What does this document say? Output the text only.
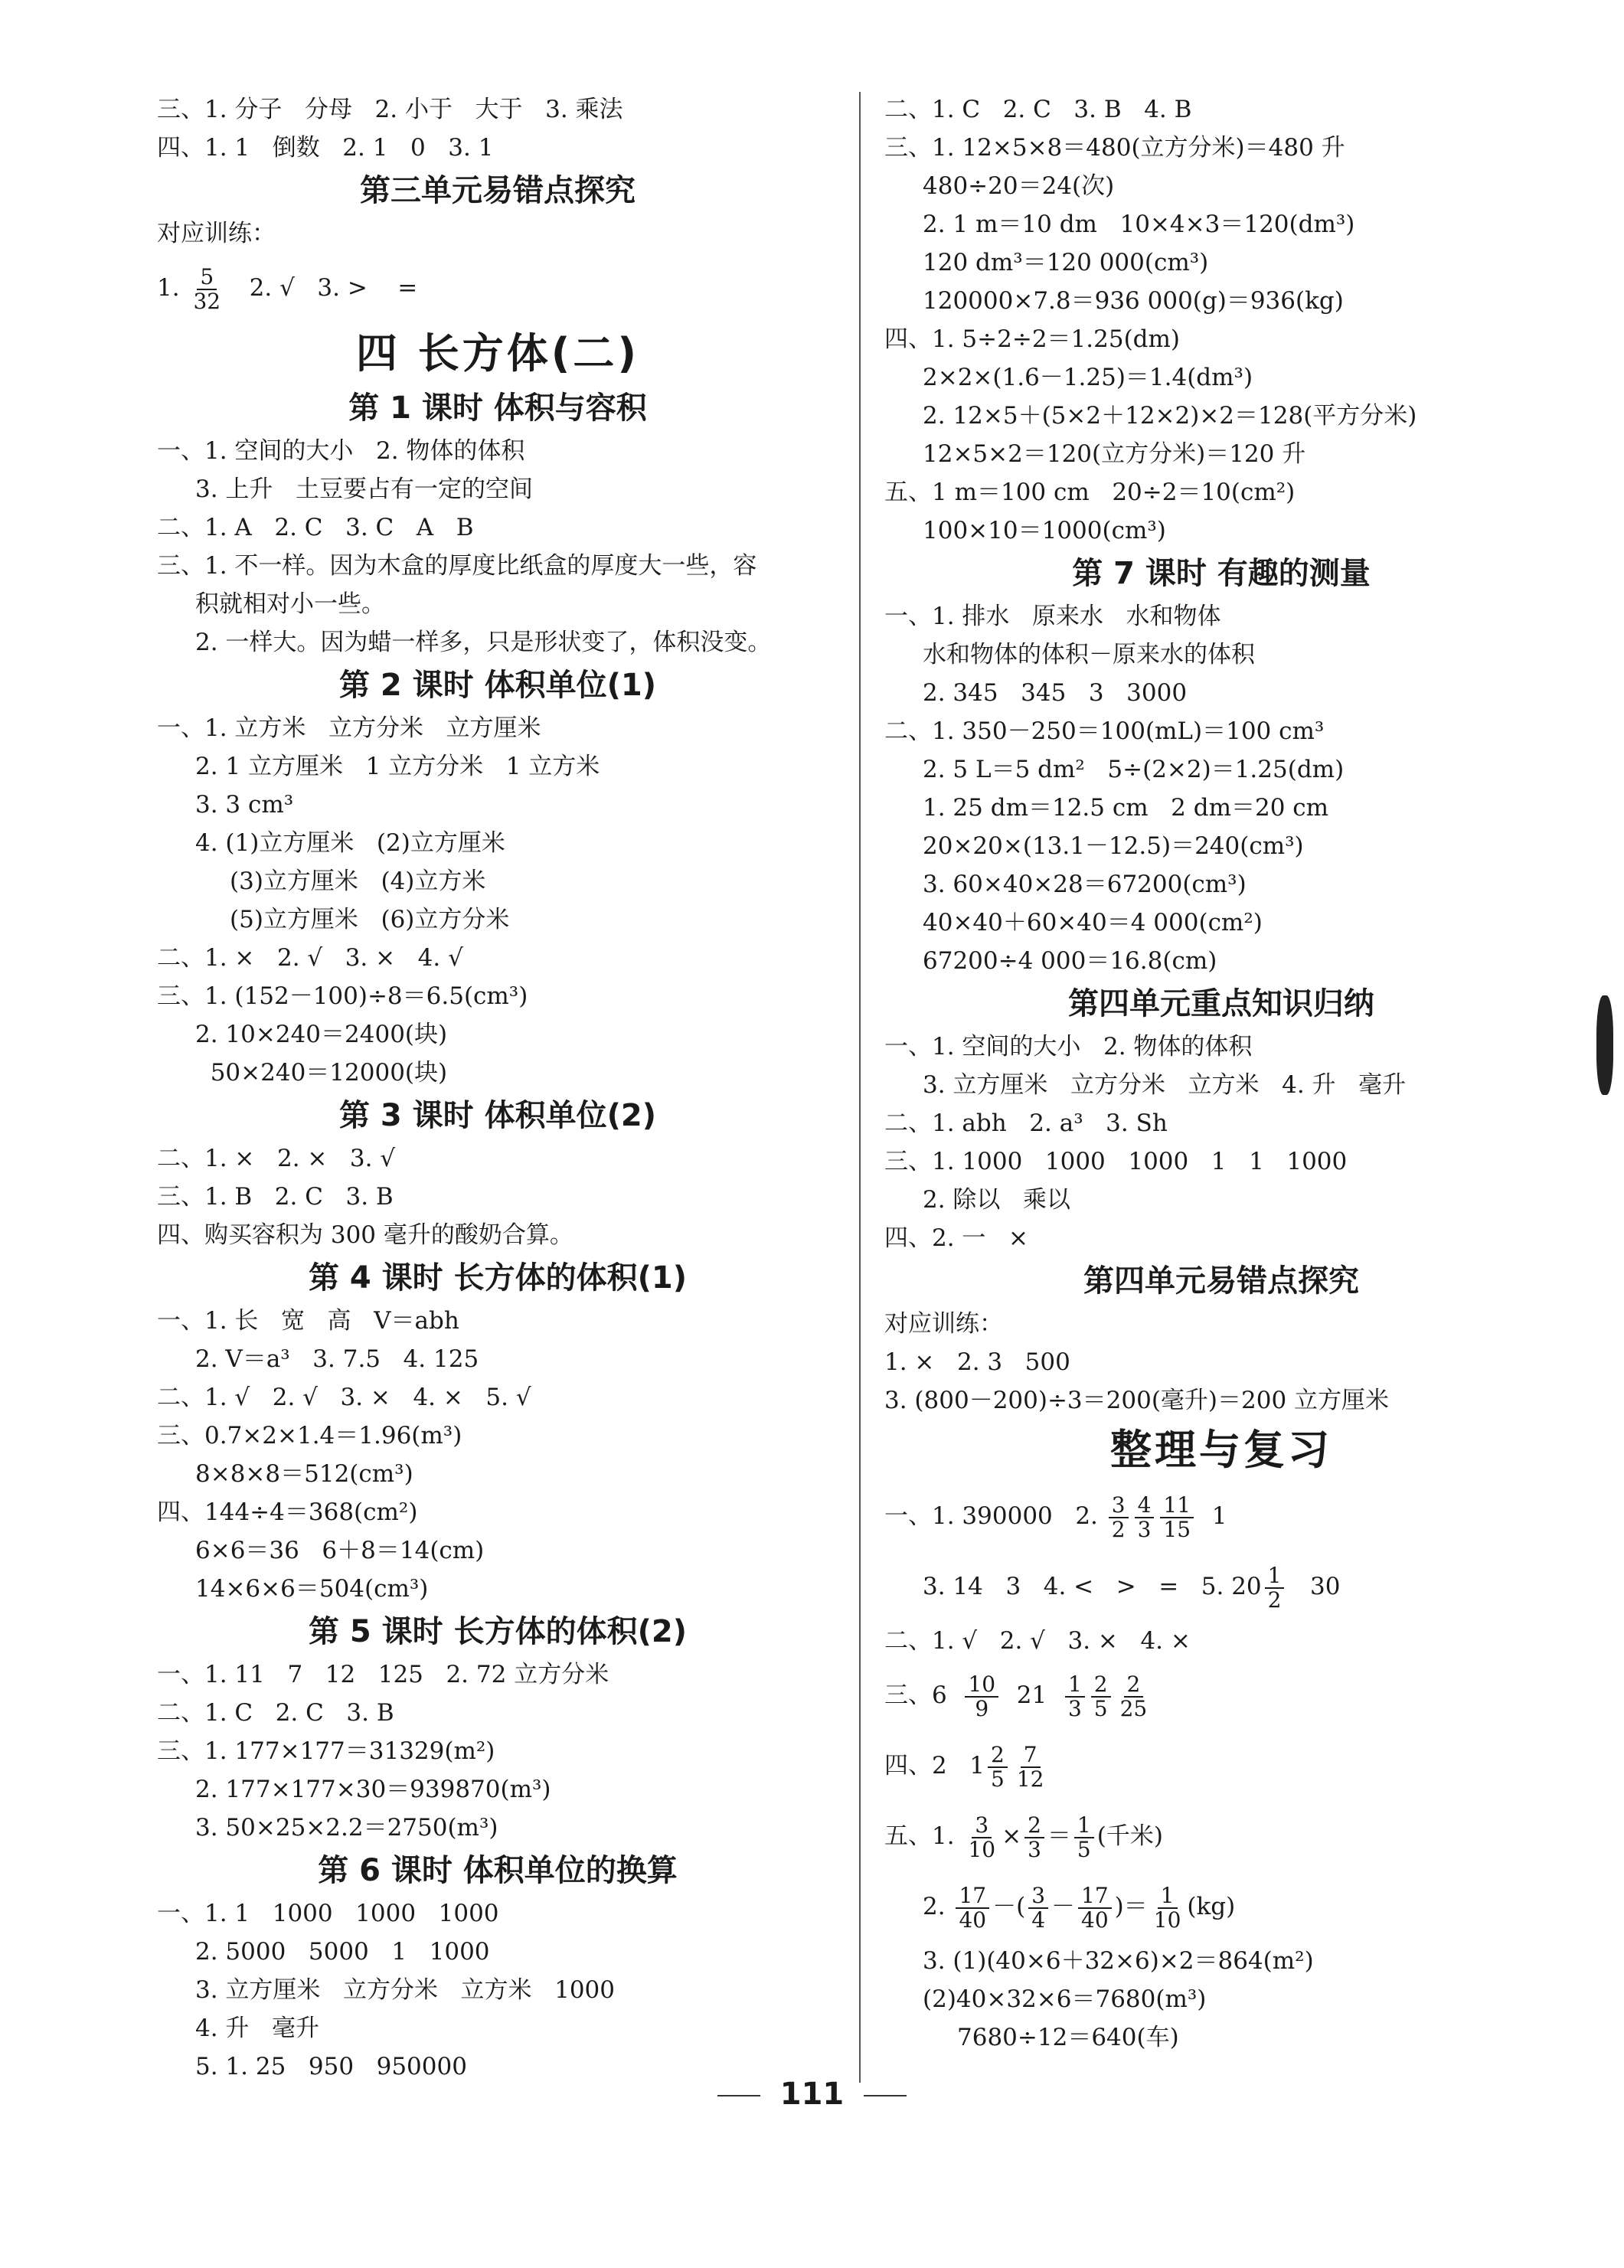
三、1. 分子   分母   2. 小于   大于   3. 乘法
四、1. 1   倒数   2. 1   0   3. 1
第三单元易错点探究
对应训练：
1. $\frac{5}{32} 2$. √   3. >    =
四 长方体(二)
第 1 课时 体积与容积
一、1. 空间的大小   2. 物体的体积
3. 上升   土豆要占有一定的空间
二、1. A   2. C   3. C   A   B
三、1. 不一样。因为木盒的厚度比纸盒的厚度大一些，容
积就相对小一些。
2. 一样大。因为蜡一样多，只是形状变了，体积没变。
第 2 课时 体积单位(1)
一、1. 立方米   立方分米   立方厘米
2. 1 立方厘米   1 立方分米   1 立方米
3. 3 cm³
4. (1)立方厘米   (2)立方厘米
(3)立方厘米   (4)立方米
(5)立方厘米   (6)立方分米
二、1. ×   2. √   3. ×   4. √
三、1. (152－100)÷8＝6.5(cm³)
2. 10×240＝2400(块)
50×240＝12000(块)
第 3 课时 体积单位(2)
二、1. ×   2. ×   3. √
三、1. B   2. C   3. B
四、购买容积为 300 毫升的酸奶合算。
第 4 课时 长方体的体积(1)
一、1. 长   宽   高   V＝abh
2. V＝a³   3. 7.5   4. 125
二、1. √   2. √   3. ×   4. ×   5. √
三、0.7×2×1.4＝1.96(m³)
8×8×8＝512(cm³)
四、144÷4＝368(cm²)
6×6＝36   6＋8＝14(cm)
14×6×6＝504(cm³)
第 5 课时 长方体的体积(2)
一、1. 11   7   12   125   2. 72 立方分米
二、1. C   2. C   3. B
三、1. 177×177＝31329(m²)
2. 177×177×30＝939870(m³)
3. 50×25×2.2＝2750(m³)
第 6 课时 体积单位的换算
一、1. 1   1000   1000   1000
2. 5000   5000   1   1000
3. 立方厘米   立方分米   立方米   1000
4. 升   毫升
5. 1. 25   950   950000
二、1. C   2. C   3. B   4. B
三、1. 12×5×8＝480(立方分米)＝480 升
480÷20＝24(次)
2. 1 m＝10 dm   10×4×3＝120(dm³)
120 dm³＝120 000(cm³)
120000×7.8＝936 000(g)＝936(kg)
四、1. 5÷2÷2＝1.25(dm)
2×2×(1.6－1.25)＝1.4(dm³)
2. 12×5＋(5×2＋12×2)×2＝128(平方分米)
12×5×2＝120(立方分米)＝120 升
五、1 m＝100 cm   20÷2＝10(cm²)
100×10＝1000(cm³)
第 7 课时 有趣的测量
一、1. 排水   原来水   水和物体
水和物体的体积－原来水的体积
2. 345   345   3   3000
二、1. 350－250＝100(mL)＝100 cm³
2. 5 L＝5 dm²   5÷(2×2)＝1.25(dm)
1. 25 dm＝12.5 cm   2 dm＝20 cm
20×20×(13.1－12.5)＝240(cm³)
3. 60×40×28＝67200(cm³)
40×40＋60×40＝4 000(cm²)
67200÷4 000＝16.8(cm)
第四单元重点知识归纳
一、1. 空间的大小   2. 物体的体积
3. 立方厘米   立方分米   立方米   4. 升   毫升
二、1. abh   2. a³   3. Sh
三、1. 1000   1000   1000   1   1   1000
2. 除以   乘以
四、2. 一   ×
第四单元易错点探究
对应训练：
1. ×   2. 3   500
3. (800－200)÷3＝200(毫升)＝200 立方厘米
整理与复习
一、1. 390000   2. $\frac{3}{2} \frac{4}{3} \frac{11}{15} 1$
3. 14   3   4. <   >   =   5. $20 \frac{1}{2} 30$
二、1. √   2. √   3. ×   4. ×
三、$6 \frac{10}{9} 21 \frac{1}{3} \frac{2}{5} \frac{2}{25}$
四、2   $1 \frac{2}{5} \frac{7}{12}$
五、1. $\frac{3}{10} \times \frac{2}{3} = \frac{1}{5}$ (千米)
2. $\frac{17}{40}$ －( $\frac{3}{4} - \frac{17}{40}$ )＝ $\frac{1}{10} (kg)$
3. (1)(40×6＋32×6)×2＝864(m²)
(2)40×32×6＝7680(m³)
7680÷12＝640(车)
111
